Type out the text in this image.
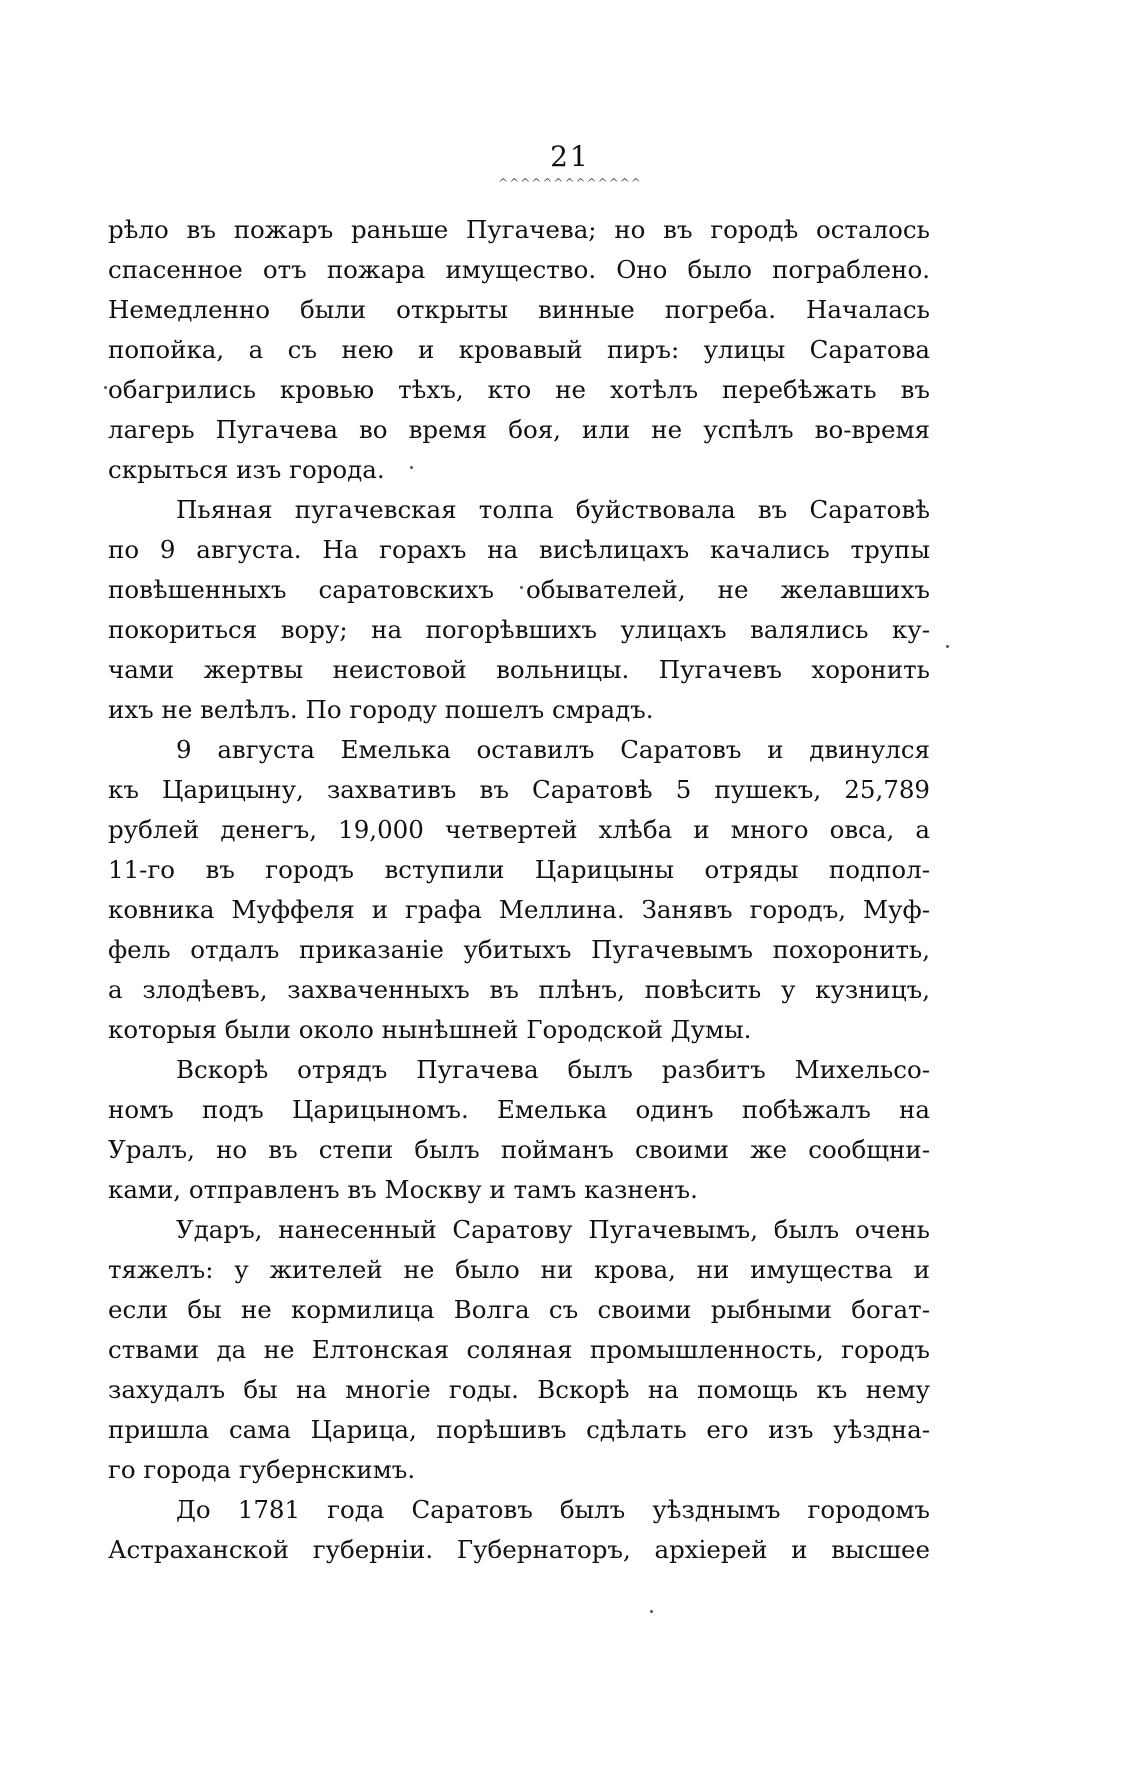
21
^^^^^^^^^^^^^
рѣло въ пожаръ раньше Пугачева; но въ городѣ осталось
спасенное отъ пожара имущество. Оно было пограблено.
Немедленно были открыты винные погреба. Началась
попойка, а съ нею и кровавый пиръ: улицы Саратова
обагрились кровью тѣхъ, кто не хотѣлъ перебѣжать въ
лагерь Пугачева во время боя, или не успѣлъ во-время
скрыться изъ города.
Пьяная пугачевская толпа буйствовала въ Саратовѣ
по 9 августа. На горахъ на висѣлицахъ качались трупы
повѣшенныхъ саратовскихъ обывателей, не желавшихъ
покориться вору; на погорѣвшихъ улицахъ валялись ку-
чами жертвы неистовой вольницы. Пугачевъ хоронить
ихъ не велѣлъ. По городу пошелъ смрадъ.
9 августа Емелька оставилъ Саратовъ и двинулся
къ Царицыну, захвативъ въ Саратовѣ 5 пушекъ, 25,789
рублей денегъ, 19,000 четвертей хлѣба и много овса, а
11-го въ городъ вступили Царицыны отряды подпол-
ковника Муффеля и графа Меллина. Занявъ городъ, Муф-
фель отдалъ приказанiе убитыхъ Пугачевымъ похоронить,
а злодѣевъ, захваченныхъ въ плѣнъ, повѣсить у кузницъ,
которыя были около нынѣшней Городской Думы.
Вскорѣ отрядъ Пугачева былъ разбитъ Михельсо-
номъ подъ Царицыномъ. Емелька одинъ побѣжалъ на
Уралъ, но въ степи былъ пойманъ своими же сообщни-
ками, отправленъ въ Москву и тамъ казненъ.
Ударъ, нанесенный Саратову Пугачевымъ, былъ очень
тяжелъ: у жителей не было ни крова, ни имущества и
если бы не кормилица Волга съ своими рыбными богат-
ствами да не Елтонская соляная промышленность, городъ
захудалъ бы на многiе годы. Вскорѣ на помощь къ нему
пришла сама Царица, порѣшивъ сдѣлать его изъ уѣздна-
го города губернскимъ.
До 1781 года Саратовъ былъ уѣзднымъ городомъ
Астраханской губернiи. Губернаторъ, архiерей и высшее
